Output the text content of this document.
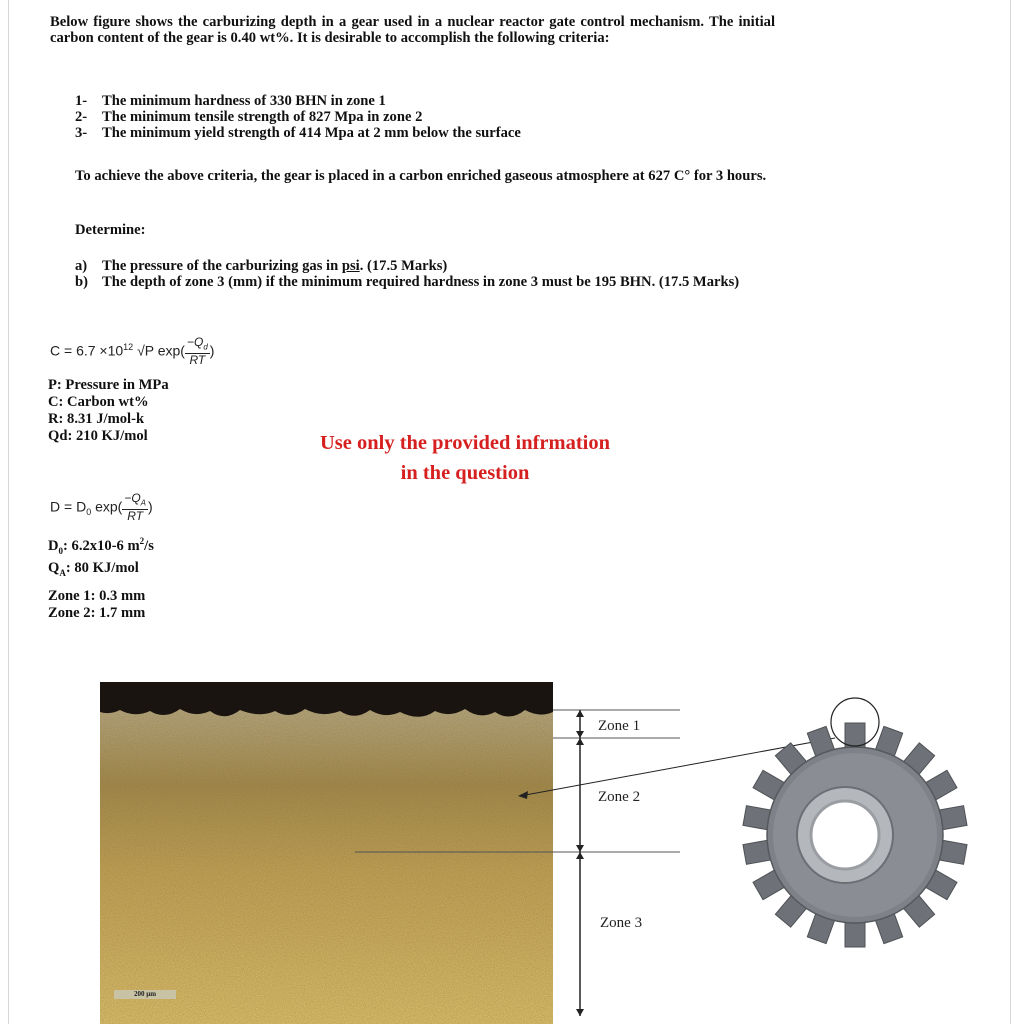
Below figure shows the carburizing depth in a gear used in a nuclear reactor gate control mechanism. The initial carbon content of the gear is 0.40 wt%. It is desirable to accomplish the following criteria:
1-	The minimum hardness of 330 BHN in zone 1
2-	The minimum tensile strength of 827 Mpa in zone 2
3-	The minimum yield strength of 414 Mpa at 2 mm below the surface
To achieve the above criteria, the gear is placed in a carbon enriched gaseous atmosphere at 627 C° for 3 hours.
Determine:
a)	The pressure of the carburizing gas in psi. (17.5 Marks)
b) The depth of zone 3 (mm) if the minimum required hardness in zone 3 must be 195 BHN. (17.5 Marks)
$C = 6.7 \times 10^{12}$ √P $\exp( \frac{-Q_d}{RT}$ )
P: Pressure in MPa
C: Carbon wt%
R: 8.31 J/mol-k
Qd: 210 KJ/mol	Use only the provided infrmation
in the question
$D = D_0$ $\exp( \frac{-Q_A}{RT}$ )
$D_0$: 6.2x10-6 $m^2/s$
$Q_A$: 80 KJ/mol
Zone 1: 0.3 mm
Zone 2: 1.7 mm
200 µm
Zone 1
Zone 2
Zone 3
